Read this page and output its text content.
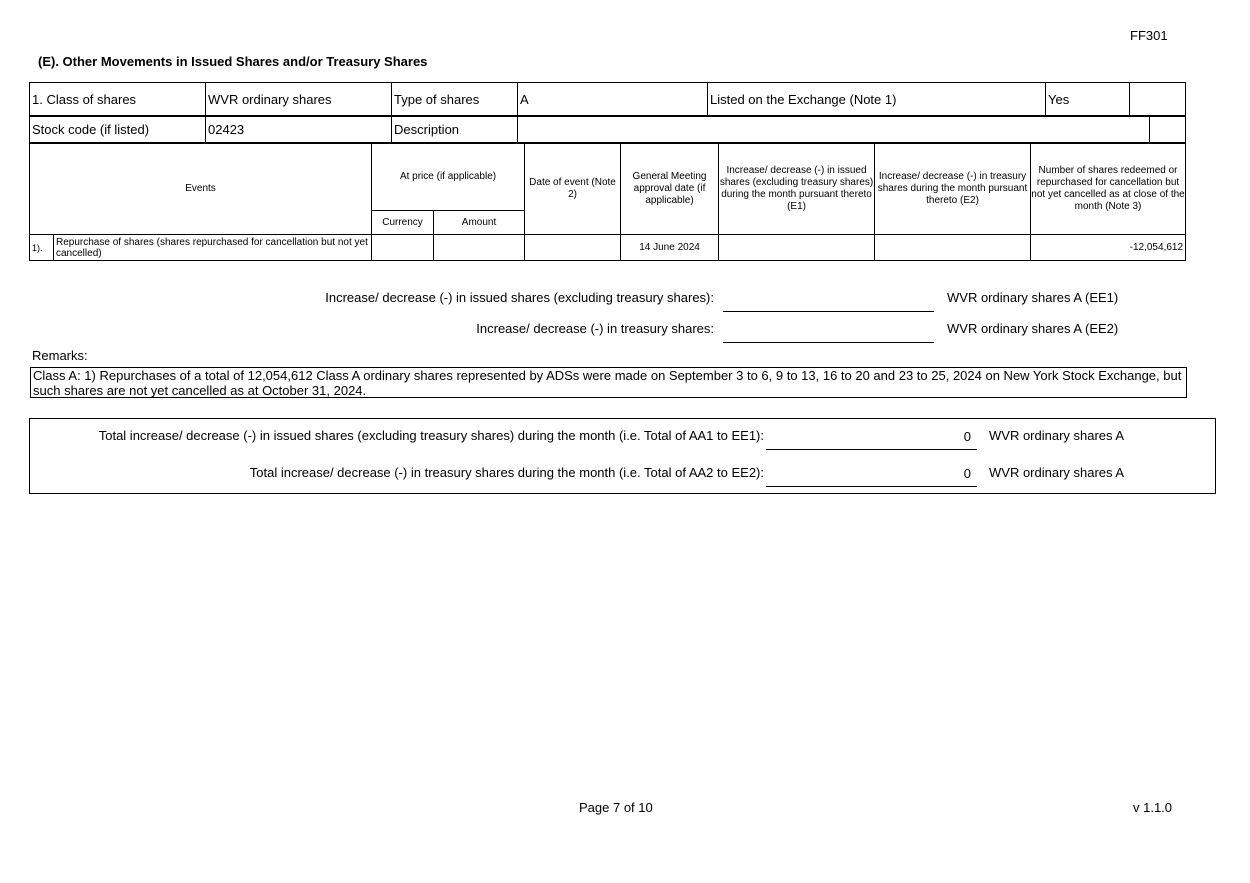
FF301
(E). Other Movements in Issued Shares and/or Treasury Shares
1. Class of shares	WVR ordinary shares	Type of shares	A	Listed on the Exchange (Note 1)	Yes	
Stock code (if listed)	02423	Description		
Events		At price (if applicable)		Date of event (Note 2)	General Meeting approval date (if applicable)	Increase/ decrease (-) in issued shares (excluding treasury shares) during the month pursuant thereto (E1)	Increase/ decrease (-) in treasury shares during the month pursuant thereto (E2)	Number of shares redeemed or repurchased for cancellation but not yet cancelled as at close of the month (Note 3)
		Currency	Amount					
1).	Repurchase of shares (shares repurchased for cancellation but not yet cancelled)				14 June 2024			-12,054,612
Increase/ decrease (-) in issued shares (excluding treasury shares):	WVR ordinary shares A (EE1)
Increase/ decrease (-) in treasury shares:	WVR ordinary shares A (EE2)
Remarks:
Class A: 1) Repurchases of a total of 12,054,612 Class A ordinary shares represented by ADSs were made on September 3 to 6, 9 to 13, 16 to 20 and 23 to 25, 2024 on New York Stock Exchange, but such shares are not yet cancelled as at October 31, 2024.
Total increase/ decrease (-) in issued shares (excluding treasury shares) during the month (i.e. Total of AA1 to EE1):	0	WVR ordinary shares A
Total increase/ decrease (-) in treasury shares during the month (i.e. Total of AA2 to EE2):	0	WVR ordinary shares A
Page 7 of 10	v 1.1.0
